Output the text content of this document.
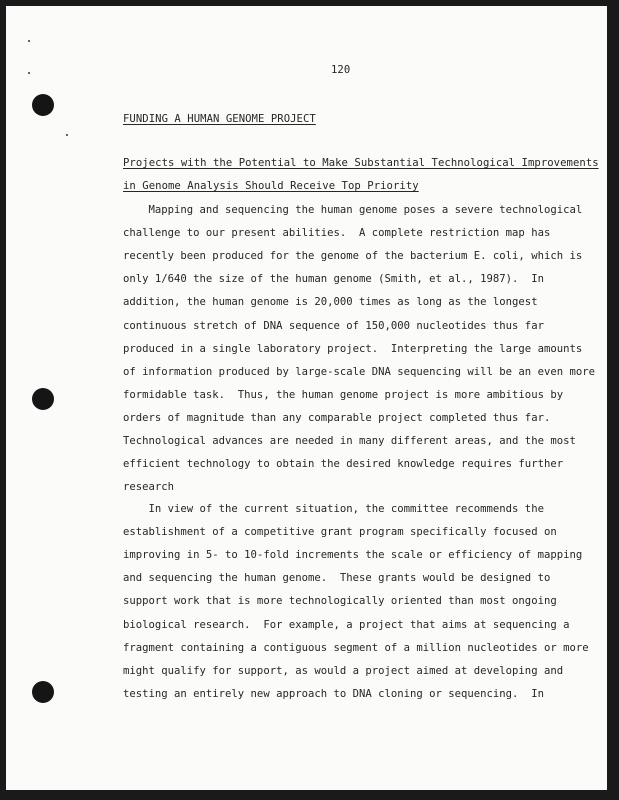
120
FUNDING A HUMAN GENOME PROJECT
Projects with the Potential to Make Substantial Technological Improvements
in Genome Analysis Should Receive Top Priority
Mapping and sequencing the human genome poses a severe technological
challenge to our present abilities.  A complete restriction map has
recently been produced for the genome of the bacterium E. coli, which is
only 1/640 the size of the human genome (Smith, et al., 1987).  In
addition, the human genome is 20,000 times as long as the longest
continuous stretch of DNA sequence of 150,000 nucleotides thus far
produced in a single laboratory project.  Interpreting the large amounts
of information produced by large-scale DNA sequencing will be an even more
formidable task.  Thus, the human genome project is more ambitious by
orders of magnitude than any comparable project completed thus far.
Technological advances are needed in many different areas, and the most
efficient technology to obtain the desired knowledge requires further
research
In view of the current situation, the committee recommends the
establishment of a competitive grant program specifically focused on
improving in 5- to 10-fold increments the scale or efficiency of mapping
and sequencing the human genome.  These grants would be designed to
support work that is more technologically oriented than most ongoing
biological research.  For example, a project that aims at sequencing a
fragment containing a contiguous segment of a million nucleotides or more
might qualify for support, as would a project aimed at developing and
testing an entirely new approach to DNA cloning or sequencing.  In
